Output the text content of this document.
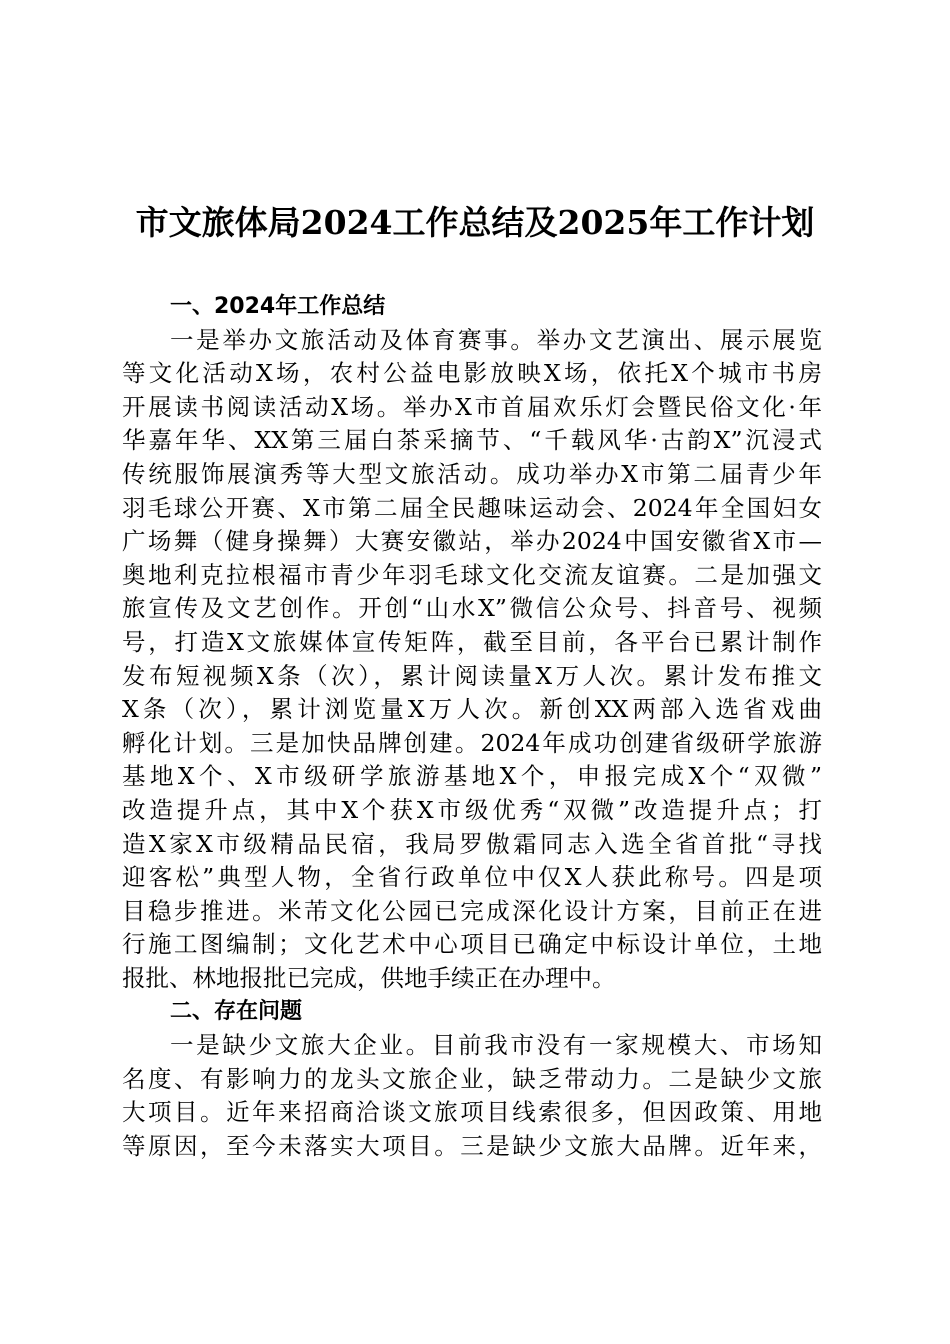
市文旅体局2024工作总结及2025年工作计划
一、2024年工作总结
一是举办文旅活动及体育赛事。举办文艺演出、展示展览
等文化活动X场，农村公益电影放映X场，依托X个城市书房
开展读书阅读活动X场。举办X市首届欢乐灯会暨民俗文化·年
华嘉年华、XX第三届白茶采摘节、“千载风华·古韵X”沉浸式
传统服饰展演秀等大型文旅活动。成功举办X市第二届青少年
羽毛球公开赛、X市第二届全民趣味运动会、2024年全国妇女
广场舞（健身操舞）大赛安徽站，举办2024中国安徽省X市—
奥地利克拉根福市青少年羽毛球文化交流友谊赛。二是加强文
旅宣传及文艺创作。开创“山水X”微信公众号、抖音号、视频
号，打造X文旅媒体宣传矩阵，截至目前，各平台已累计制作
发布短视频X条（次），累计阅读量X万人次。累计发布推文
X条（次），累计浏览量X万人次。新创XX两部入选省戏曲
孵化计划。三是加快品牌创建。2024年成功创建省级研学旅游
基地X个、X市级研学旅游基地X个，申报完成X个“双微”
改造提升点，其中X个获X市级优秀“双微”改造提升点；打
造X家X市级精品民宿，我局罗傲霜同志入选全省首批“寻找
迎客松”典型人物，全省行政单位中仅X人获此称号。四是项
目稳步推进。米芾文化公园已完成深化设计方案，目前正在进
行施工图编制；文化艺术中心项目已确定中标设计单位，土地
报批、林地报批已完成，供地手续正在办理中。
二、存在问题
一是缺少文旅大企业。目前我市没有一家规模大、市场知
名度、有影响力的龙头文旅企业，缺乏带动力。二是缺少文旅
大项目。近年来招商洽谈文旅项目线索很多，但因政策、用地
等原因，至今未落实大项目。三是缺少文旅大品牌。近年来，
